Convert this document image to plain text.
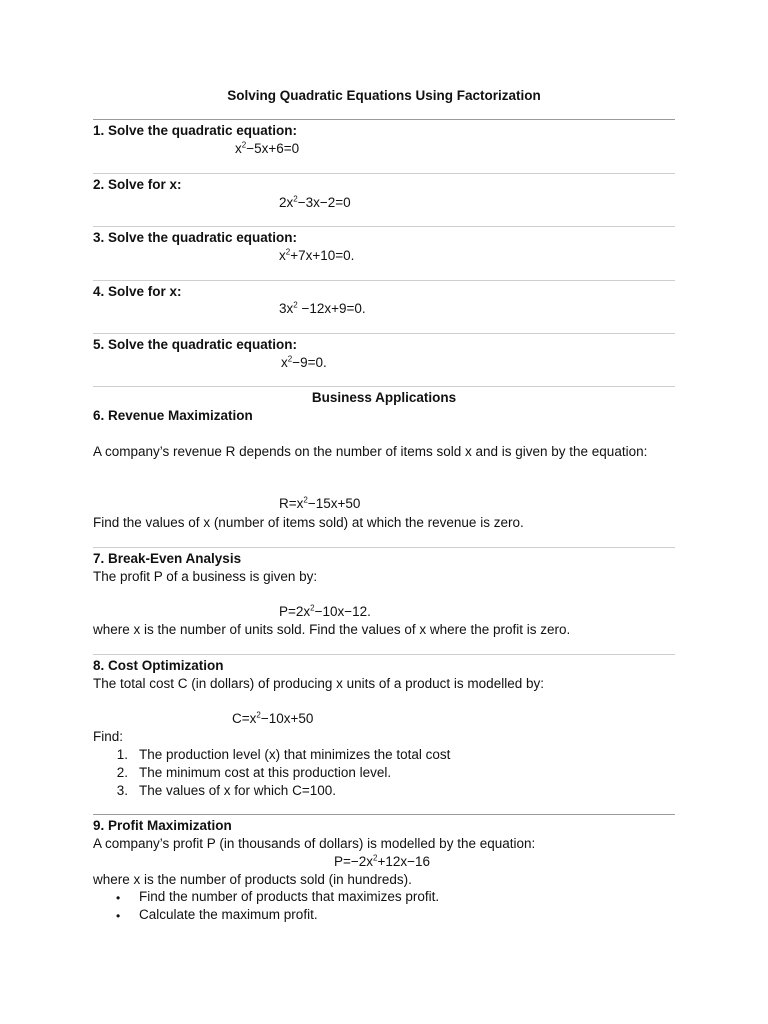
Solving Quadratic Equations Using Factorization
1. Solve the quadratic equation:
$x^2-5x+6=0$
2. Solve for x:
$2x^2-3x-2=0$
3. Solve the quadratic equation:
$x^2+7x+10=0$.
4. Solve for x:
$3x^2 -12x+9=0$.
5. Solve the quadratic equation:
$x^2-9=0$.
Business Applications
6. Revenue Maximization
A company’s revenue R depends on the number of items sold x and is given by the equation:
$R=x^2-15x+50$
Find the values of x (number of items sold) at which the revenue is zero.
7. Break-Even Analysis
The profit P of a business is given by:
$P=2x^2-10x-12$.
where x is the number of units sold. Find the values of x where the profit is zero.
8. Cost Optimization
The total cost C (in dollars) of producing x units of a product is modelled by:
$C=x^2-10x+50$
Find:
1. The production level (x) that minimizes the total cost
2. The minimum cost at this production level.
3. The values of x for which C=100.
9. Profit Maximization
A company’s profit P (in thousands of dollars) is modelled by the equation:
$P=-2x^2+12x-16$
where x is the number of products sold (in hundreds).
• Find the number of products that maximizes profit.
• Calculate the maximum profit.
